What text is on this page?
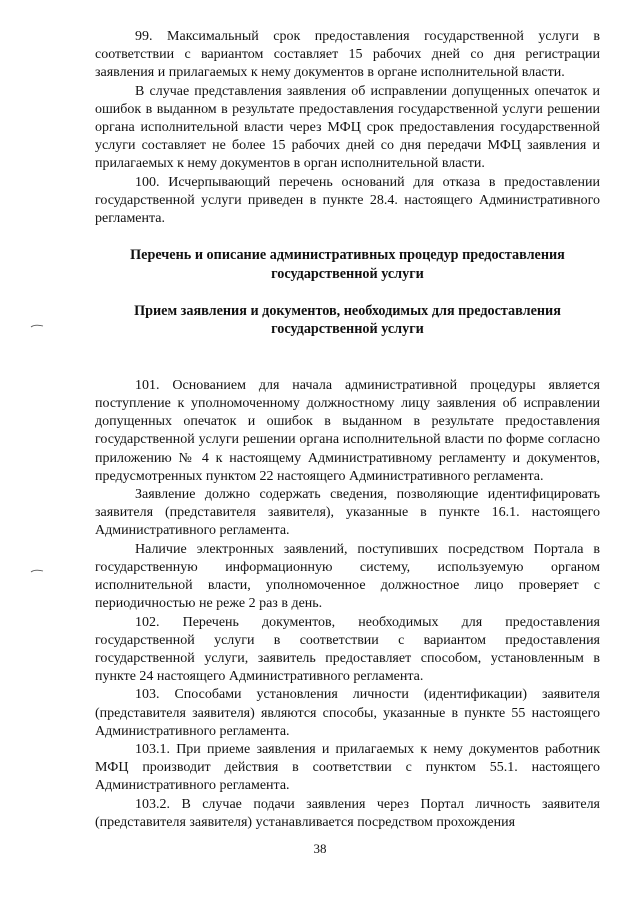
99. Максимальный срок предоставления государственной услуги в соответствии с вариантом составляет 15 рабочих дней со дня регистрации заявления и прилагаемых к нему документов в органе исполнительной власти.

В случае представления заявления об исправлении допущенных опечаток и ошибок в выданном в результате предоставления государственной услуги решении органа исполнительной власти через МФЦ срок предоставления государственной услуги составляет не более 15 рабочих дней со дня передачи МФЦ заявления и прилагаемых к нему документов в орган исполнительной власти.

100. Исчерпывающий перечень оснований для отказа в предоставлении государственной услуги приведен в пункте 28.4. настоящего Административного регламента.

Перечень и описание административных процедур предоставления государственной услуги

Прием заявления и документов, необходимых для предоставления государственной услуги

101. Основанием для начала административной процедуры является поступление к уполномоченному должностному лицу заявления об исправлении допущенных опечаток и ошибок в выданном в результате предоставления государственной услуги решении органа исполнительной власти по форме согласно приложению № 4 к настоящему Административному регламенту и документов, предусмотренных пунктом 22 настоящего Административного регламента.

Заявление должно содержать сведения, позволяющие идентифицировать заявителя (представителя заявителя), указанные в пункте 16.1. настоящего Административного регламента.

Наличие электронных заявлений, поступивших посредством Портала в государственную информационную систему, используемую органом исполнительной власти, уполномоченное должностное лицо проверяет с периодичностью не реже 2 раз в день.

102. Перечень документов, необходимых для предоставления государственной услуги в соответствии с вариантом предоставления государственной услуги, заявитель предоставляет способом, установленным в пункте 24 настоящего Административного регламента.

103. Способами установления личности (идентификации) заявителя (представителя заявителя) являются способы, указанные в пункте 55 настоящего Административного регламента.

103.1. При приеме заявления и прилагаемых к нему документов работник МФЦ производит действия в соответствии с пунктом 55.1. настоящего Административного регламента.

103.2. В случае подачи заявления через Портал личность заявителя (представителя заявителя) устанавливается посредством прохождения

38
